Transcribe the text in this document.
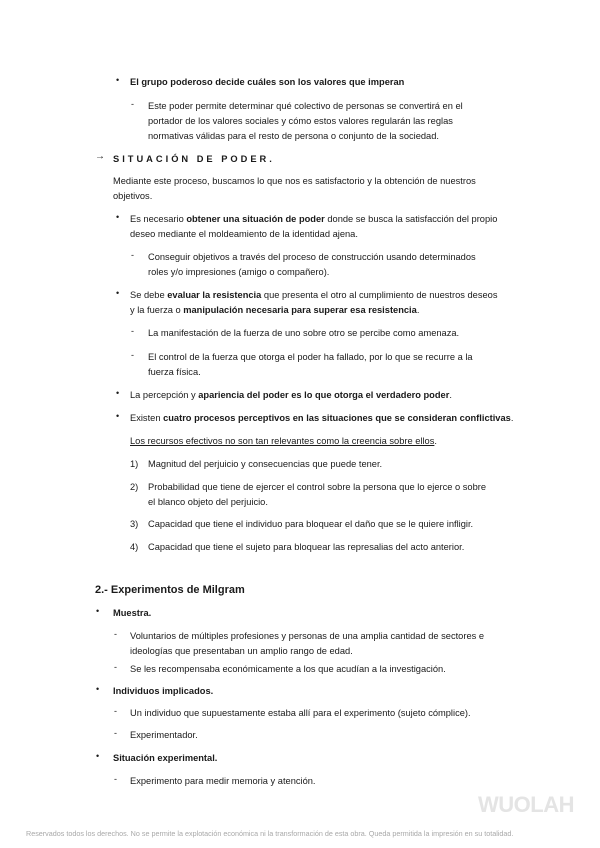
• El grupo poderoso decide cuáles son los valores que imperan
- Este poder permite determinar qué colectivo de personas se convertirá en el
portador de los valores sociales y cómo estos valores regularán las reglas
normativas válidas para el resto de persona o conjunto de la sociedad.
→ SITUACIÓN DE PODER.
Mediante este proceso, buscamos lo que nos es satisfactorio y la obtención de nuestros
objetivos.
• Es necesario obtener una situación de poder donde se busca la satisfacción del propio
deseo mediante el moldeamiento de la identidad ajena.
- Conseguir objetivos a través del proceso de construcción usando determinados
roles y/o impresiones (amigo o compañero).
• Se debe evaluar la resistencia que presenta el otro al cumplimiento de nuestros deseos
y la fuerza o manipulación necesaria para superar esa resistencia.
- La manifestación de la fuerza de uno sobre otro se percibe como amenaza.
- El control de la fuerza que otorga el poder ha fallado, por lo que se recurre a la
fuerza física.
• La percepción y apariencia del poder es lo que otorga el verdadero poder.
• Existen cuatro procesos perceptivos en las situaciones que se consideran conflictivas.
Los recursos efectivos no son tan relevantes como la creencia sobre ellos.
1) Magnitud del perjuicio y consecuencias que puede tener.
2) Probabilidad que tiene de ejercer el control sobre la persona que lo ejerce o sobre
el blanco objeto del perjuicio.
3) Capacidad que tiene el individuo para bloquear el daño que se le quiere infligir.
4) Capacidad que tiene el sujeto para bloquear las represalias del acto anterior.
2.- Experimentos de Milgram
• Muestra.
- Voluntarios de múltiples profesiones y personas de una amplia cantidad de sectores e
ideologías que presentaban un amplio rango de edad.
- Se les recompensaba económicamente a los que acudían a la investigación.
• Individuos implicados.
- Un individuo que supuestamente estaba allí para el experimento (sujeto cómplice).
- Experimentador.
• Situación experimental.
- Experimento para medir memoria y atención.
WUOLAH
Reservados todos los derechos. No se permite la explotación económica ni la transformación de esta obra. Queda permitida la impresión en su totalidad.
